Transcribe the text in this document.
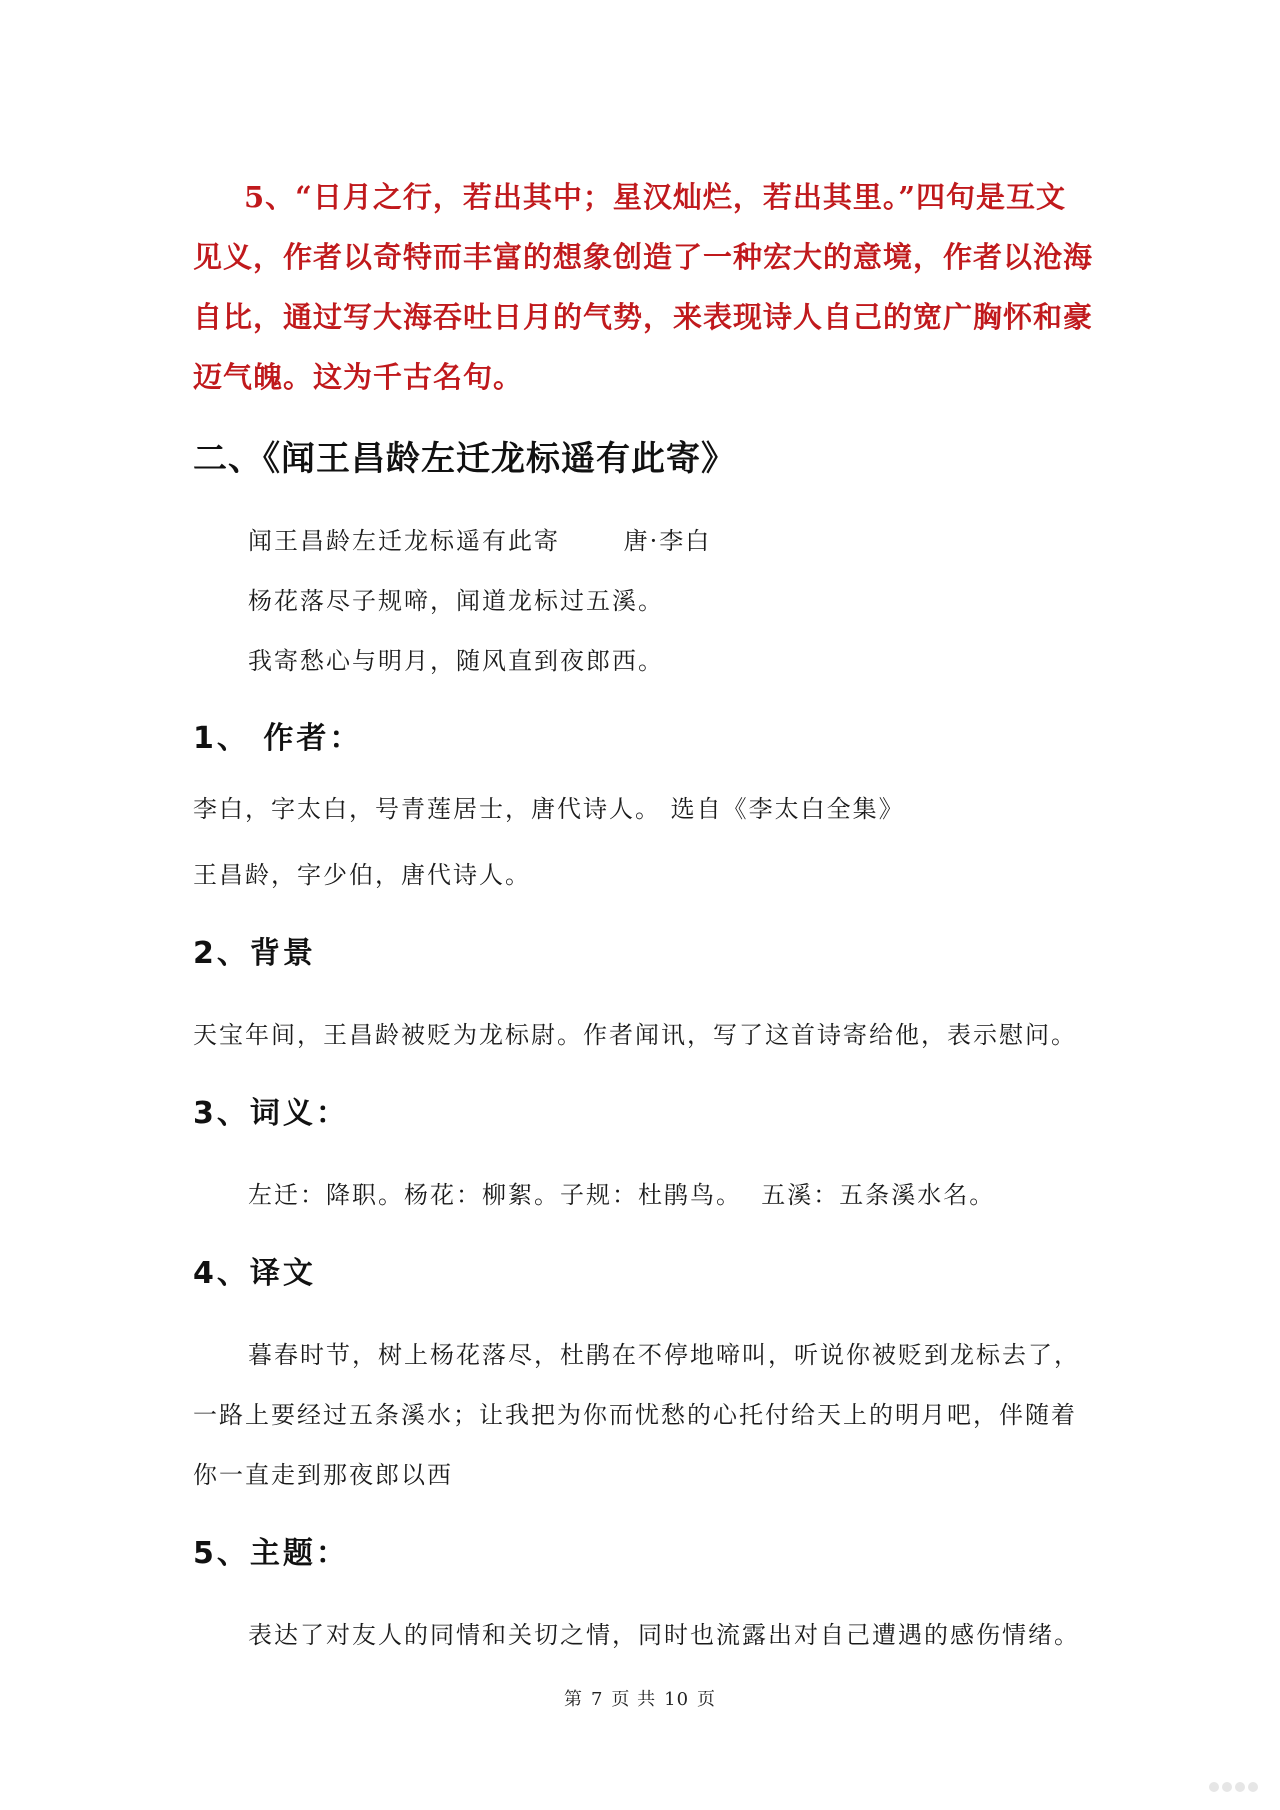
5、“日月之行，若出其中；星汉灿烂，若出其里。”四句是互文
见义，作者以奇特而丰富的想象创造了一种宏大的意境，作者以沧海
自比，通过写大海吞吐日月的气势，来表现诗人自己的宽广胸怀和豪
迈气魄。这为千古名句。
二、《闻王昌龄左迁龙标遥有此寄》
闻王昌龄左迁龙标遥有此寄	唐·李白
杨花落尽子规啼，闻道龙标过五溪。
我寄愁心与明月，随风直到夜郎西。
1、 作者：
李白，字太白，号青莲居士，唐代诗人。 选自《李太白全集》
王昌龄，字少伯，唐代诗人。
2、背景
天宝年间，王昌龄被贬为龙标尉。作者闻讯，写了这首诗寄给他，表示慰问。
3、词义：
左迁：降职。杨花：柳絮。子规：杜鹃鸟。  五溪：五条溪水名。
4、译文
暮春时节，树上杨花落尽，杜鹃在不停地啼叫，听说你被贬到龙标去了，
一路上要经过五条溪水；让我把为你而忧愁的心托付给天上的明月吧，伴随着
你一直走到那夜郎以西
5、主题：
表达了对友人的同情和关切之情，同时也流露出对自己遭遇的感伤情绪。
第 7 页 共 10 页
